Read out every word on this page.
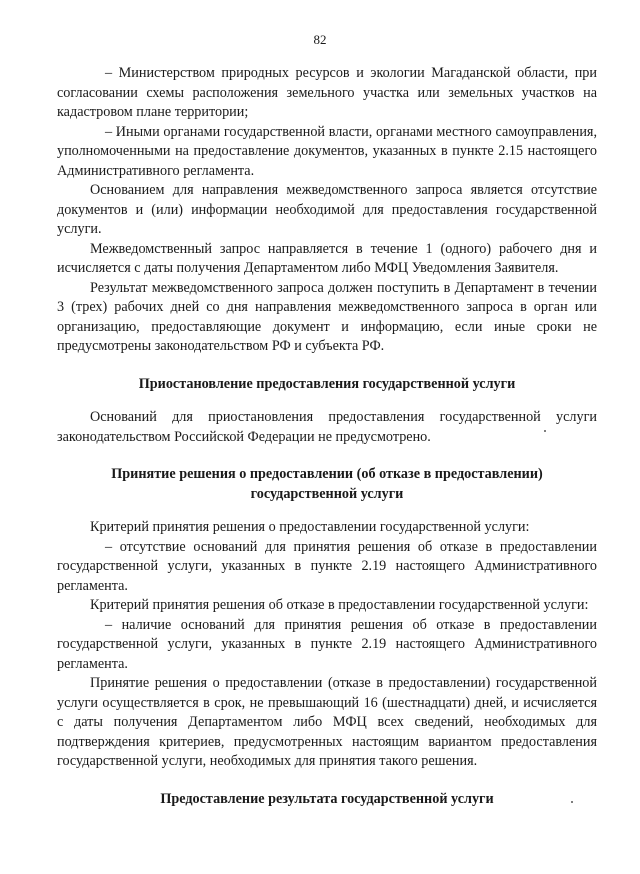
82

– Министерством природных ресурсов и экологии Магаданской области, при согласовании схемы расположения земельного участка или земельных участков на кадастровом плане территории;

– Иными органами государственной власти, органами местного самоуправления, уполномоченными на предоставление документов, указанных в пункте 2.15 настоящего Административного регламента.

Основанием для направления межведомственного запроса является отсутствие документов и (или) информации необходимой для предоставления государственной услуги.

Межведомственный запрос направляется в течение 1 (одного) рабочего дня и исчисляется с даты получения Департаментом либо МФЦ Уведомления Заявителя.

Результат межведомственного запроса должен поступить в Департамент в течении 3 (трех) рабочих дней со дня направления межведомственного запроса в орган или организацию, предоставляющие документ и информацию, если иные сроки не предусмотрены законодательством РФ и субъекта РФ.

Приостановление предоставления государственной услуги

Оснований для приостановления предоставления государственной услуги законодательством Российской Федерации не предусмотрено.

Принятие решения о предоставлении (об отказе в предоставлении)
государственной услуги

Критерий принятия решения о предоставлении государственной услуги:

– отсутствие оснований для принятия решения об отказе в предоставлении государственной услуги, указанных в пункте 2.19 настоящего Административного регламента.

Критерий принятия решения об отказе в предоставлении государственной услуги:

– наличие оснований для принятия решения об отказе в предоставлении государственной услуги, указанных в пункте 2.19 настоящего Административного регламента.

Принятие решения о предоставлении (отказе в предоставлении) государственной услуги осуществляется в срок, не превышающий 16 (шестнадцати) дней, и исчисляется с даты получения Департаментом либо МФЦ всех сведений, необходимых для подтверждения критериев, предусмотренных настоящим вариантом предоставления государственной услуги, необходимых для принятия такого решения.

Предоставление результата государственной услуги
